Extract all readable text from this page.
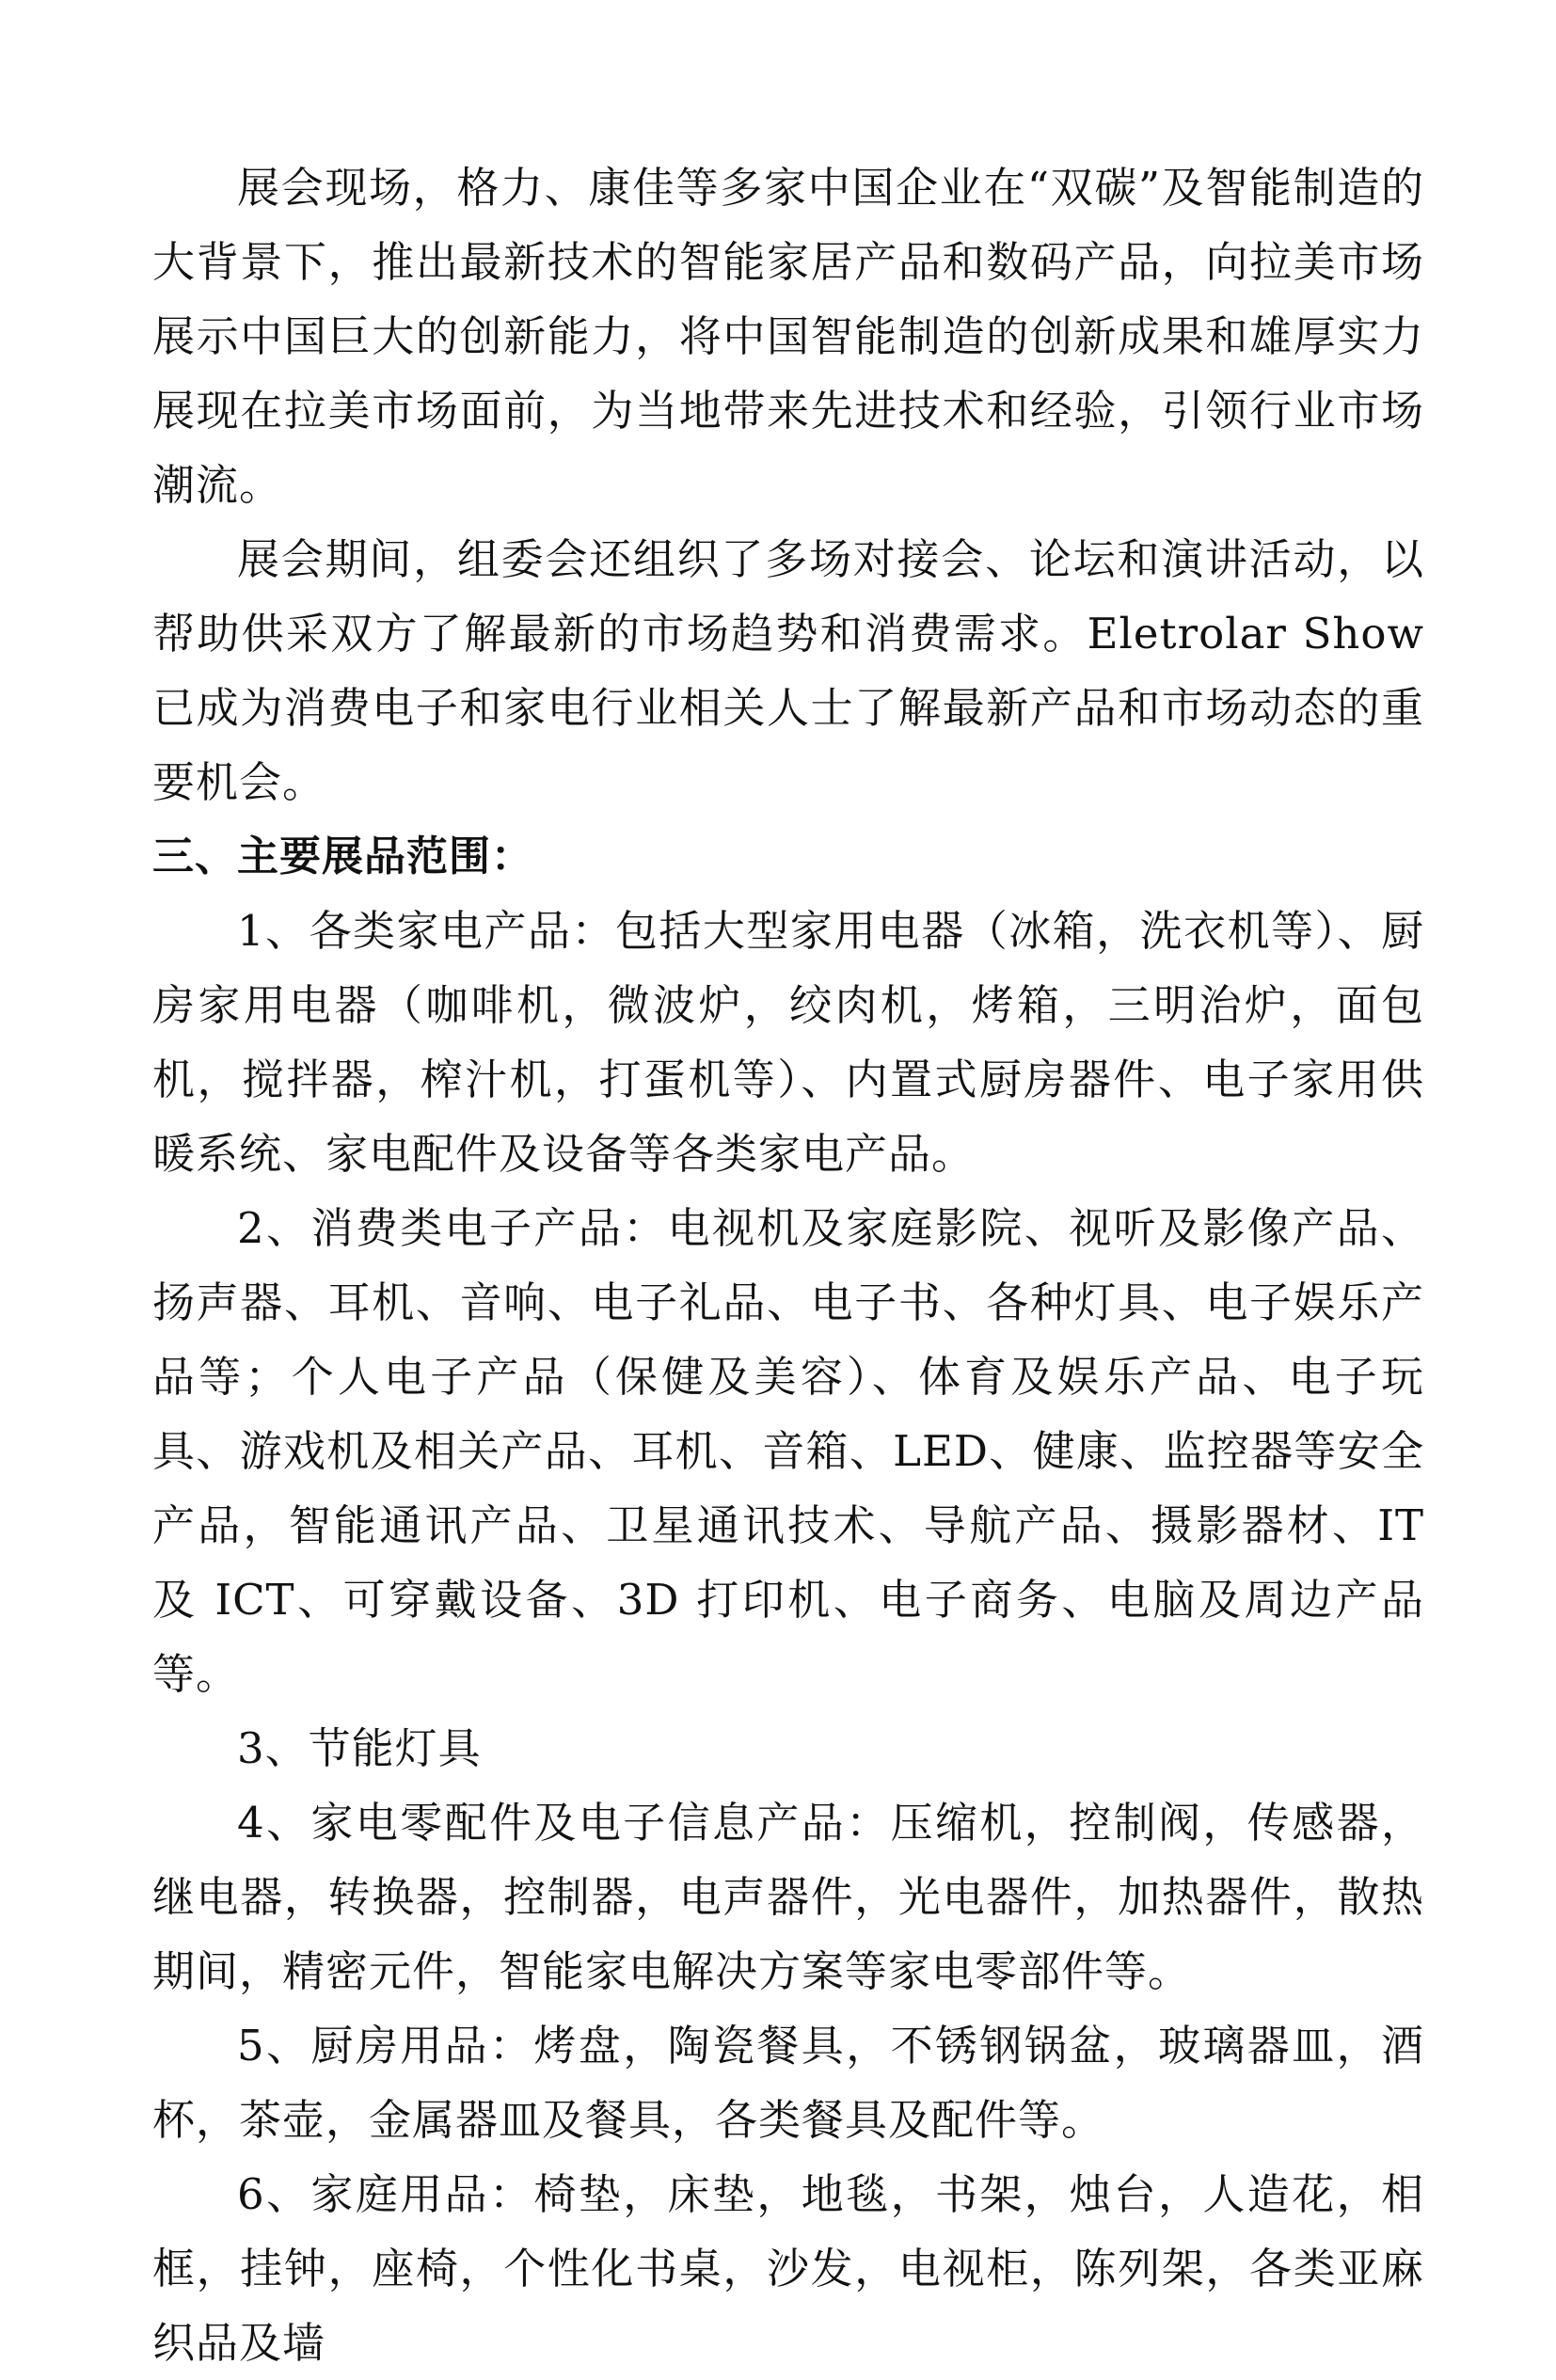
展会现场，格力、康佳等多家中国企业在“双碳”及智能制造的大背景下，推出最新技术的智能家居产品和数码产品，向拉美市场展示中国巨大的创新能力，将中国智能制造的创新成果和雄厚实力展现在拉美市场面前，为当地带来先进技术和经验，引领行业市场潮流。

展会期间，组委会还组织了多场对接会、论坛和演讲活动，以帮助供采双方了解最新的市场趋势和消费需求。Eletrolar Show 已成为消费电子和家电行业相关人士了解最新产品和市场动态的重要机会。

三、主要展品范围：

1、各类家电产品：包括大型家用电器（冰箱，洗衣机等）、厨房家用电器（咖啡机，微波炉，绞肉机，烤箱，三明治炉，面包机，搅拌器，榨汁机，打蛋机等）、内置式厨房器件、电子家用供暖系统、家电配件及设备等各类家电产品。

2、消费类电子产品：电视机及家庭影院、视听及影像产品、扬声器、耳机、音响、电子礼品、电子书、各种灯具、电子娱乐产品等；个人电子产品（保健及美容）、体育及娱乐产品、电子玩具、游戏机及相关产品、耳机、音箱、LED、健康、监控器等安全产品，智能通讯产品、卫星通讯技术、导航产品、摄影器材、IT 及 ICT、可穿戴设备、3D 打印机、电子商务、电脑及周边产品等。

3、节能灯具

4、家电零配件及电子信息产品：压缩机，控制阀，传感器，继电器，转换器，控制器，电声器件，光电器件，加热器件，散热期间，精密元件，智能家电解决方案等家电零部件等。

5、厨房用品：烤盘，陶瓷餐具，不锈钢锅盆，玻璃器皿，酒杯，茶壶，金属器皿及餐具，各类餐具及配件等。

6、家庭用品：椅垫，床垫，地毯，书架，烛台，人造花，相框，挂钟，座椅，个性化书桌，沙发，电视柜，陈列架，各类亚麻织品及墙
